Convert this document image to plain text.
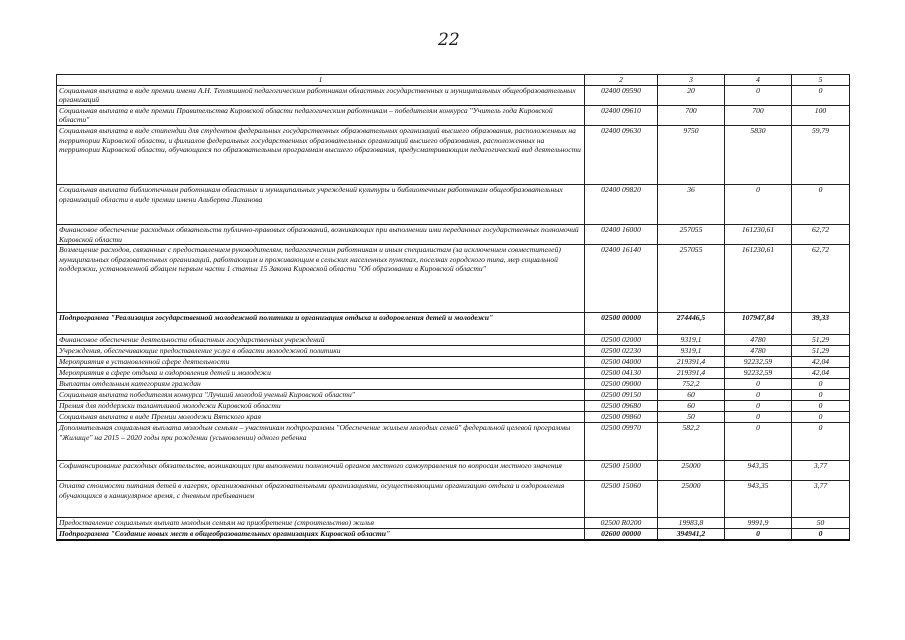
22
1	2	3	4	5
Социальная выплата в виде премии имени А.Н. Тепляшиной педагогическим работникам областных государственных и муниципальных общеобразовательных организаций	02400 09590	20	0	0
Социальная выплата в виде премии Правительства Кировской области педагогическим работникам – победителям конкурса "Учитель года Кировской области"	02400 09610	700	700	100
Социальная выплата в виде стипендии для студентов федеральных государственных образовательных организаций высшего образования, расположенных на территории Кировской области, и филиалов федеральных государственных образовательных организаций высшего образования, расположенных на территории Кировской области, обучающихся по образовательным программам высшего образования, предусматривающим педагогический вид деятельности	02400 09630	9750	5830	59,79
Социальная выплата библиотечным работникам областных и муниципальных учреждений культуры и библиотечным работникам общеобразовательных организаций области в виде премии имени Альберта Лиханова	02400 09820	36	0	0
Финансовое обеспечение расходных обязательств публично-правовых образований, возникающих при выполнении ими переданных государственных полномочий Кировской области	02400 16000	257055	161230,61	62,72
Возмещение расходов, связанных с предоставлением руководителям, педагогическим работникам и иным специалистам (за исключением совместителей) муниципальных образовательных организаций, работающим и проживающим в сельских населенных пунктах, поселках городского типа, мер социальной поддержки, установленной абзацем первым части 1 статьи 15 Закона Кировской области "Об образовании в Кировской области"	02400 16140	257055	161230,61	62,72
Подпрограмма "Реализация государственной молодежной политики и организация отдыха и оздоровления детей и молодежи"	02500 00000	274446,5	107947,84	39,33
Финансовое обеспечение деятельности областных государственных учреждений	02500 02000	9319,1	4780	51,29
Учреждения, обеспечивающие предоставление услуг в области молодежной политики	02500 02230	9319,1	4780	51,29
Мероприятия в установленной сфере деятельности	02500 04000	219391,4	92232,59	42,04
Мероприятия в сфере отдыха и оздоровления детей и молодежи	02500 04130	219391,4	92232,59	42,04
Выплаты отдельным категориям граждан	02500 09000	752,2	0	0
Социальная выплата победителям конкурса "Лучший молодой ученый Кировской области"	02500 09150	60	0	0
Премия для поддержки талантливой молодежи Кировской области	02500 09680	60	0	0
Социальная выплата в виде Премии молодежи Вятского края	02500 09860	50	0	0
Дополнительная социальная выплата молодым семьям – участникам подпрограммы "Обеспечение жильем молодых семей" федеральной целевой программы "Жилище" на 2015 – 2020 годы при рождении (усыновлении) одного ребенка	02500 09970	582,2	0	0
Софинансирование расходных обязательств, возникающих при выполнении полномочий органов местного самоуправления по вопросам местного значения	02500 15000	25000	943,35	3,77
Оплата стоимости питания детей в лагерях, организованных образовательными организациями, осуществляющими организацию отдыха и оздоровления обучающихся в каникулярное время, с дневным пребыванием	02500 15060	25000	943,35	3,77
Предоставление социальных выплат молодым семьям на приобретение (строительство) жилья	02500 R0200	19983,8	9991,9	50
Подпрограмма "Создание новых мест в общеобразовательных организациях Кировской области"	02600 00000	394941,2	0	0
